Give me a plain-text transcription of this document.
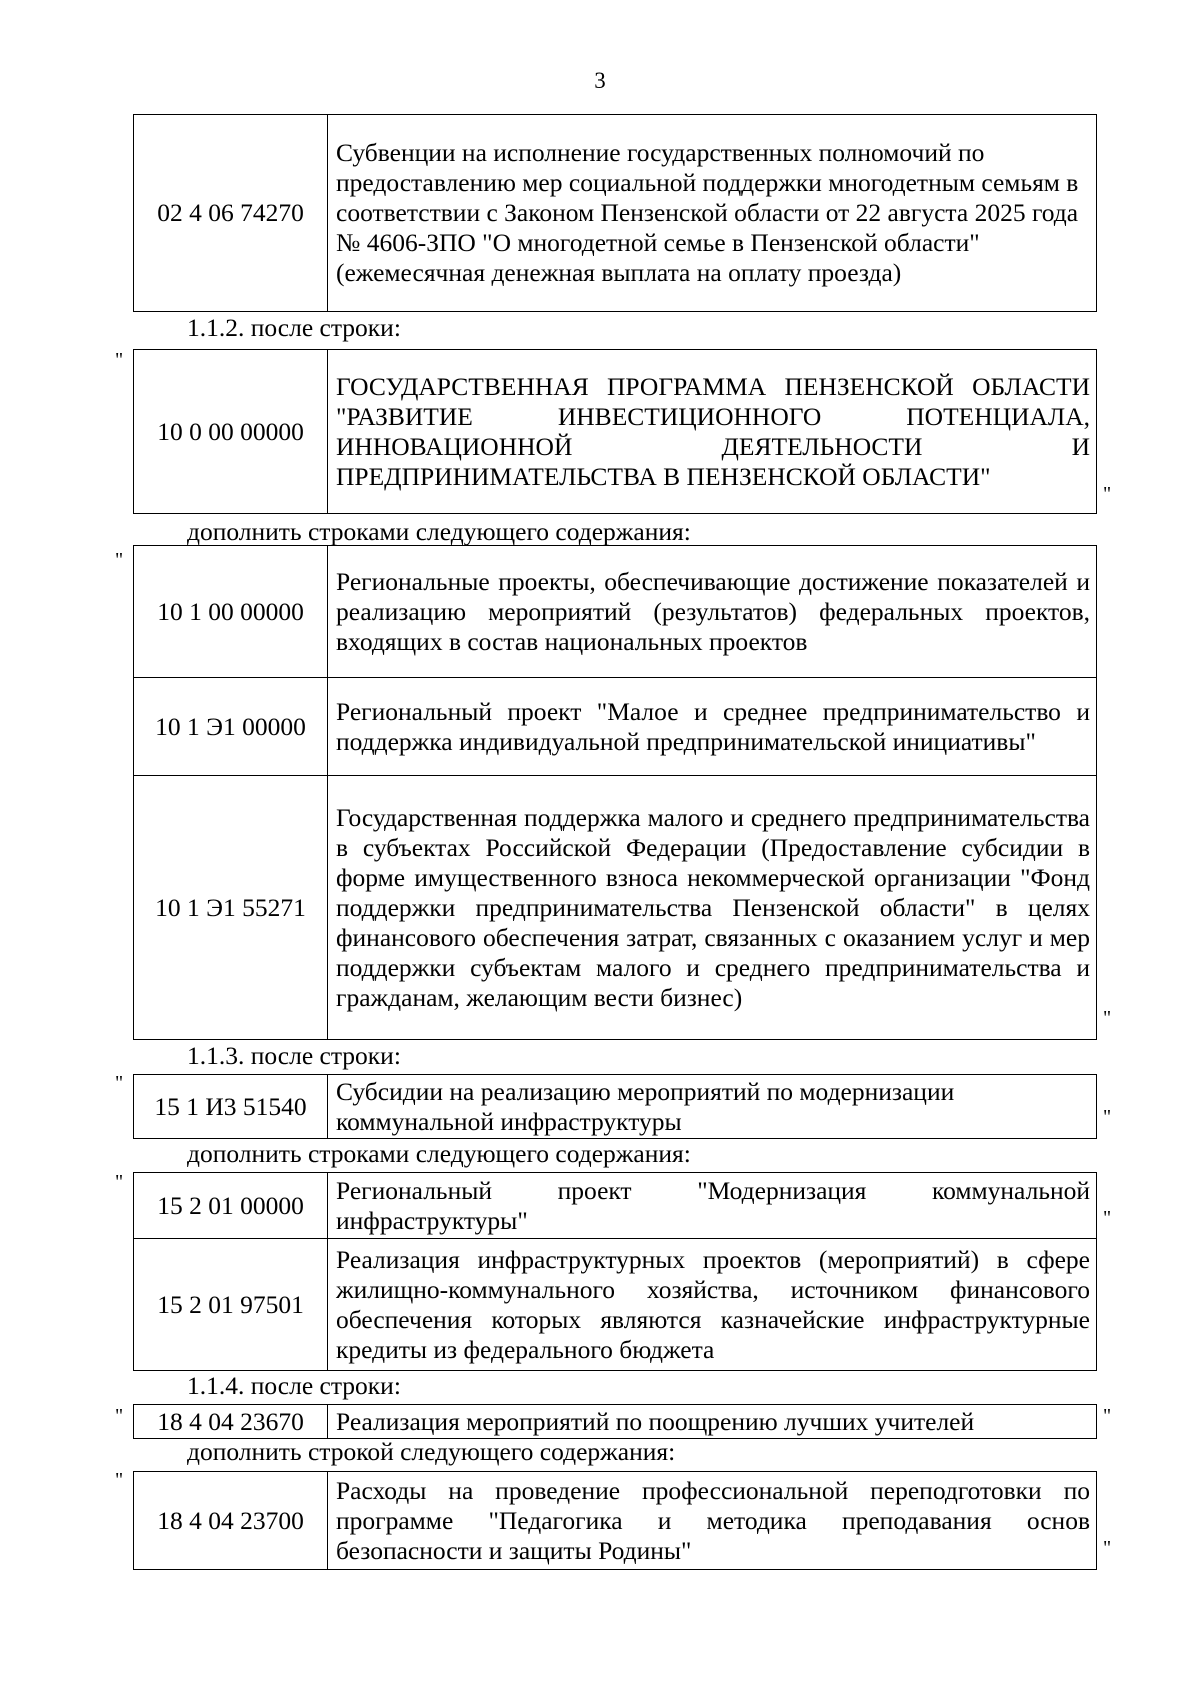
3
02 4 06 74270	Субвенции на исполнение государственных полномочий по предоставлению мер социальной поддержки многодетным семьям в соответствии с Законом Пензенской области от 22 августа 2025 года № 4606-ЗПО "О многодетной семье в Пензенской области" (ежемесячная денежная выплата на оплату проезда)
1.1.2. после строки:
"
10 0 00 00000	ГОСУДАРСТВЕННАЯ ПРОГРАММА ПЕНЗЕНСКОЙ ОБЛАСТИ "РАЗВИТИЕ ИНВЕСТИЦИОННОГО ПОТЕНЦИАЛА, ИННОВАЦИОННОЙ ДЕЯТЕЛЬНОСТИ И ПРЕДПРИНИМАТЕЛЬСТВА В ПЕНЗЕНСКОЙ ОБЛАСТИ"
"
дополнить строками следующего содержания:
"
10 1 00 00000	Региональные проекты, обеспечивающие достижение показателей и реализацию мероприятий (результатов) федеральных проектов, входящих в состав национальных проектов
10 1 Э1 00000	Региональный проект "Малое и среднее предпринимательство и поддержка индивидуальной предпринимательской инициативы"
10 1 Э1 55271	Государственная поддержка малого и среднего предпринимательства в субъектах Российской Федерации (Предоставление субсидии в форме имущественного взноса некоммерческой организации "Фонд поддержки предпринимательства Пензенской области" в целях финансового обеспечения затрат, связанных с оказанием услуг и мер поддержки субъектам малого и среднего предпринимательства и гражданам, желающим вести бизнес)
"
1.1.3. после строки:
"
15 1 И3 51540	Субсидии на реализацию мероприятий по модернизации коммунальной инфраструктуры	"
дополнить строками следующего содержания:
"
15 2 01 00000	Региональный проект "Модернизация коммунальной инфраструктуры"
15 2 01 97501	Реализация инфраструктурных проектов (мероприятий) в сфере жилищно-коммунального хозяйства, источником финансового обеспечения которых являются казначейские инфраструктурные кредиты из федерального бюджета
"
1.1.4. после строки:
" 18 4 04 23670	Реализация мероприятий по поощрению лучших учителей	"
дополнить строкой следующего содержания:
"
18 4 04 23700	Расходы на проведение профессиональной переподготовки по программе "Педагогика и методика преподавания основ безопасности и защиты Родины"	"
